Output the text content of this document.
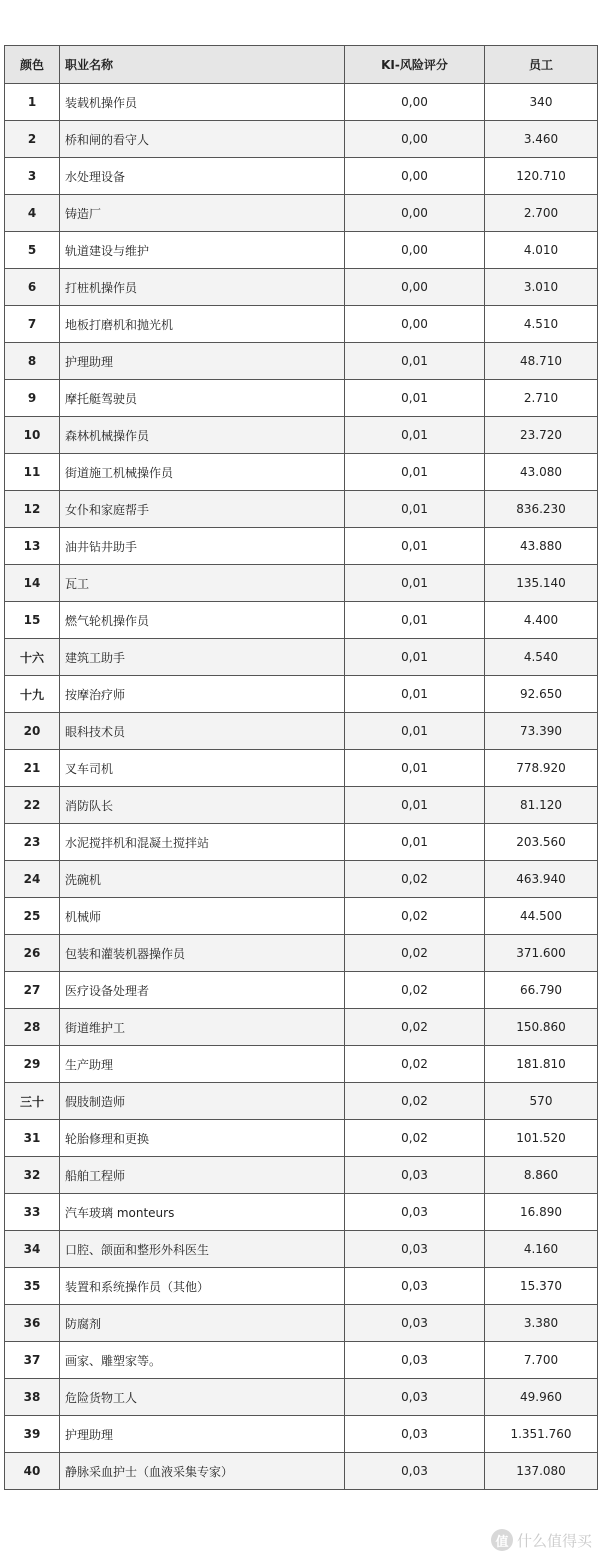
颜色	职业名称	KI-风险评分	员工
1	装载机操作员	0,00	340
2	桥和闸的看守人	0,00	3.460
3	水处理设备	0,00	120.710
4	铸造厂	0,00	2.700
5	轨道建设与维护	0,00	4.010
6	打桩机操作员	0,00	3.010
7	地板打磨机和抛光机	0,00	4.510
8	护理助理	0,01	48.710
9	摩托艇驾驶员	0,01	2.710
10	森林机械操作员	0,01	23.720
11	街道施工机械操作员	0,01	43.080
12	女仆和家庭帮手	0,01	836.230
13	油井钻井助手	0,01	43.880
14	瓦工	0,01	135.140
15	燃气轮机操作员	0,01	4.400
十六	建筑工助手	0,01	4.540
十九	按摩治疗师	0,01	92.650
20	眼科技术员	0,01	73.390
21	叉车司机	0,01	778.920
22	消防队长	0,01	81.120
23	水泥搅拌机和混凝土搅拌站	0,01	203.560
24	洗碗机	0,02	463.940
25	机械师	0,02	44.500
26	包装和灌装机器操作员	0,02	371.600
27	医疗设备处理者	0,02	66.790
28	街道维护工	0,02	150.860
29	生产助理	0,02	181.810
三十	假肢制造师	0,02	570
31	轮胎修理和更换	0,02	101.520
32	船舶工程师	0,03	8.860
33	汽车玻璃 monteurs	0,03	16.890
34	口腔、颌面和整形外科医生	0,03	4.160
35	装置和系统操作员（其他）	0,03	15.370
36	防腐剂	0,03	3.380
37	画家、雕塑家等。	0,03	7.700
38	危险货物工人	0,03	49.960
39	护理助理	0,03	1.351.760
40	静脉采血护士（血液采集专家）	0,03	137.080
值 什么值得买
